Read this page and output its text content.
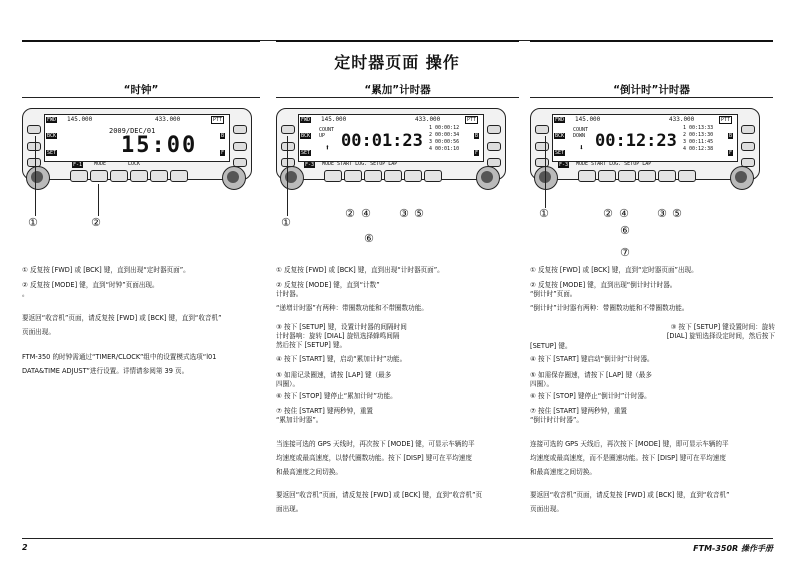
定时器页面 操作
“时钟”	“累加”计时器	“倒计时”计时器
FWD 145.000	433.000	PTT
BCK
SET
B
F
2009/DEC/01
15:00
F-1 MODE	LOCK
①	②
FWD 145.000	433.000	PTT
BCK
SET
B
F
COUNT
UP
⬆ 00:01:23
1 00:00:12
2 00:00:34
3 00:00:56
4 00:01:10
F-3 MODE START LOG. SETUP LAP
①
② ④	③ ⑤
⑥
FWD 145.000	433.000	PTT
BCK
SET
B
F
COUNT
DOWN
⬇ 00:12:23
1 00:13:33
2 00:13:30
3 00:11:45
4 00:12:38
F-3 MODE START LOG. SETUP LAP
①	② ④	③ ⑤
⑥
⑦
① 反复按 [FWD] 或 [BCK] 键，直到出现“定时器页面”。
② 反复按 [MODE] 键，直到“时钟”页面出现。
。
要返回“收音机”页面，请反复按 [FWD] 或 [BCK] 键，直到“收音机”
页面出现。
FTM-350 的时钟需通过“TIMER/CLOCK”组中的设置模式选项“l01
DATA&TIME ADJUST”进行设置。详情请参阅第 39 页。
① 反复按 [FWD] 或 [BCK] 键，直到出现“计时器页面”。
② 反复按 [MODE] 键，直到“计数”
计时器。
“递增计时器”有两种：带圈数功能和不带圈数功能。
③ 按下 [SETUP] 键，设置计时器的间隔时间
计时器响：旋转 [DIAL] 旋钮选择蜂鸣间隔
然后按下 [SETUP] 键。
④ 按下 [START] 键，启动“累加计时”功能。
⑤ 如需记录圈速，请按 [LAP] 键（最多
四圈）。
⑥ 按下 [STOP] 键停止“累加计时”功能。
⑦ 按住 [START] 键两秒钟，重置
“累加计时器”。
当连接可选的 GPS 天线时，再次按下 [MODE] 键，可显示车辆的平
均速度或最高速度，以替代圈数功能。按下 [DISP] 键可在平均速度
和最高速度之间切换。
要返回“收音机”页面，请反复按 [FWD] 或 [BCK] 键，直到“收音机”页
面出现。
① 反复按 [FWD] 或 [BCK] 键，直到“定时器页面”出现。
② 反复按 [MODE] 键，直到出现“倒计时计时器。
“倒计时”页面。
“倒计时”计时器有两种：带圈数功能和不带圈数功能。
③ 按下 [SETUP] 键设置时间：旋转
[DIAL] 旋钮选择设定时间，然后按下
[SETUP] 键。
④ 按下 [START] 键启动“倒计时”计时器。
⑤ 如需保存圈速，请按下 [LAP] 键（最多
四圈）。
⑥ 按下 [STOP] 键停止“倒计时”计时器。
⑦ 按住 [START] 键两秒钟，重置
“倒计时计时器”。
连接可选的 GPS 天线后，再次按下 [MODE] 键，即可显示车辆的平
均速度或最高速度，而不是圈速功能。按下 [DISP] 键可在平均速度
和最高速度之间切换。
要返回“收音机”页面，请反复按 [FWD] 或 [BCK] 键，直到“收音机”
页面出现。
2	FTM-350R 操作手册
